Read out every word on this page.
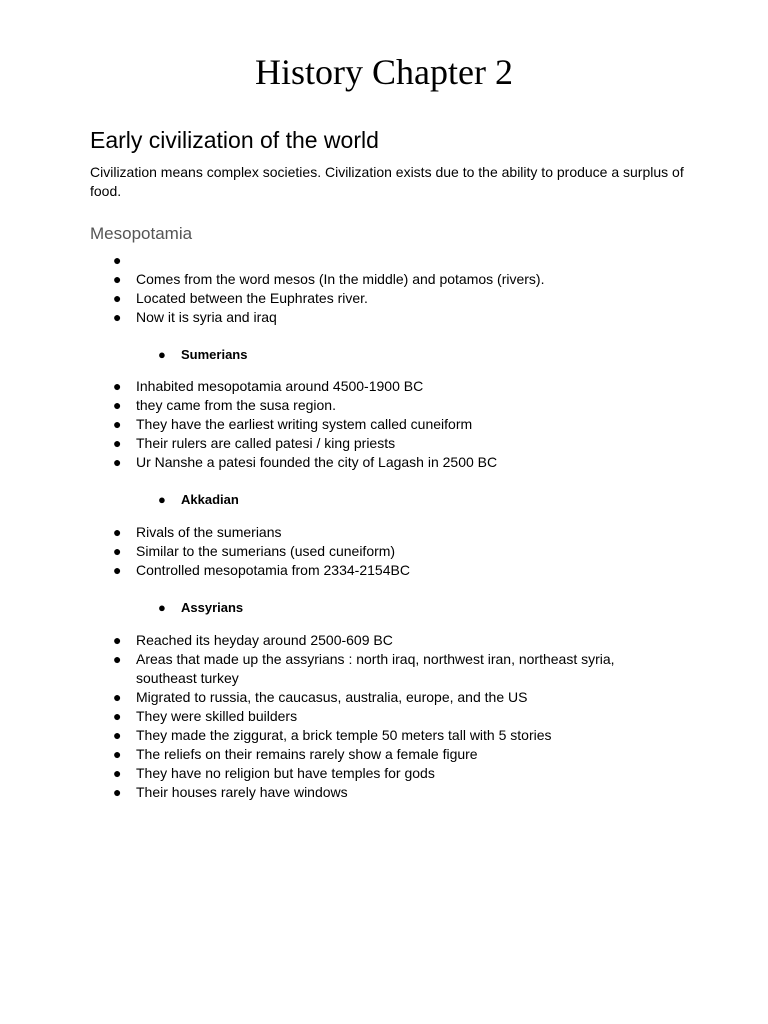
History Chapter 2
Early civilization of the world

Civilization means complex societies. Civilization exists due to the ability to produce a surplus of food.

Mesopotamia
●
● Comes from the word mesos (In the middle) and potamos (rivers).
● Located between the Euphrates river.
● Now it is syria and iraq
● Sumerians
● Inhabited mesopotamia around 4500-1900 BC
● they came from the susa region.
● They have the earliest writing system called cuneiform
● Their rulers are called patesi / king priests
● Ur Nanshe a patesi founded the city of Lagash in 2500 BC
● Akkadian
● Rivals of the sumerians
● Similar to the sumerians (used cuneiform)
● Controlled mesopotamia from 2334-2154BC
● Assyrians
● Reached its heyday around 2500-609 BC
● Areas that made up the assyrians : north iraq, northwest iran, northeast syria, southeast turkey
● Migrated to russia, the caucasus, australia, europe, and the US
● They were skilled builders
● They made the ziggurat, a brick temple 50 meters tall with 5 stories
● The reliefs on their remains rarely show a female figure
● They have no religion but have temples for gods
● Their houses rarely have windows
